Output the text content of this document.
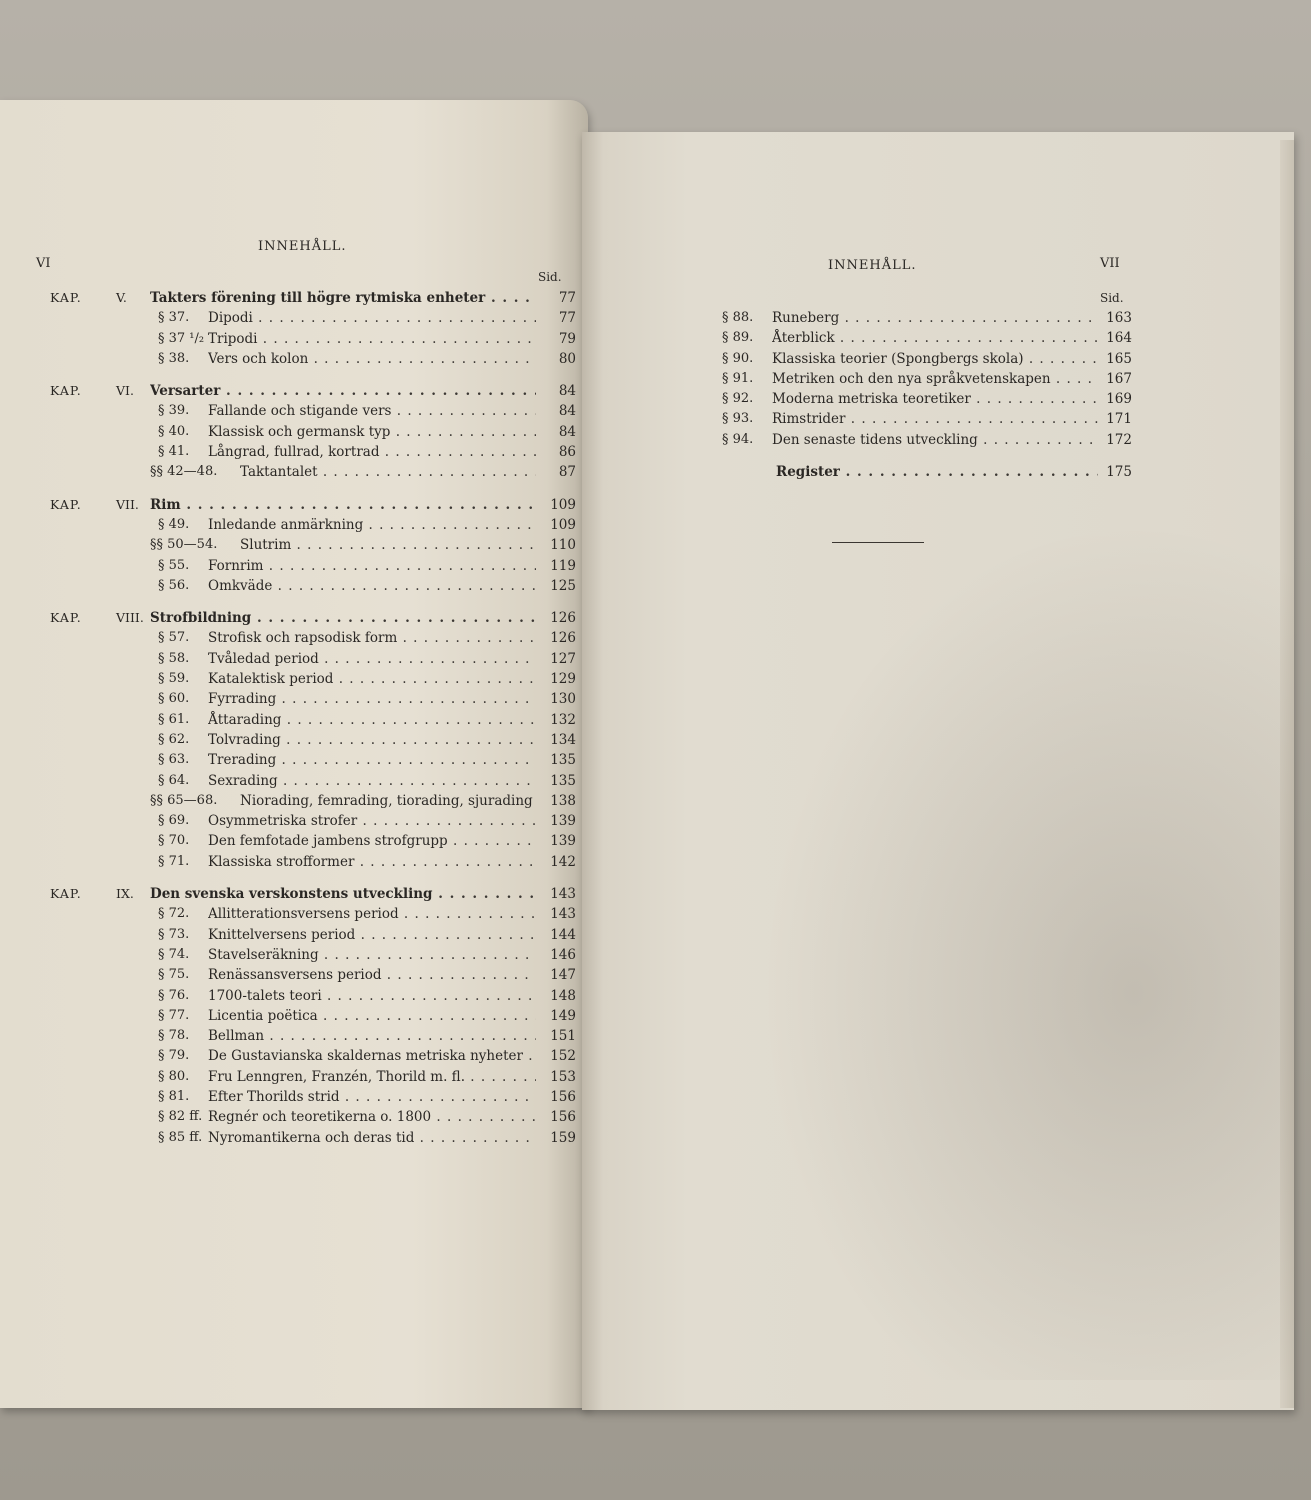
VI
INNEHÅLL.
Sid.
KAP.	V. Takters förening till högre rytmiska enheter . . .	77
§ 37. Dipodi . . .	77
§ 37 ¹/₂ Tripodi . . .	79
§ 38. Vers och kolon . . .	80
KAP.	VI. Versarter . . .	84
§ 39. Fallande och stigande vers . . .	84
§ 40. Klassisk och germansk typ . . .	84
§ 41. Långrad, fullrad, kortrad . . .	86
§§ 42—48. Taktantalet . . .	87
KAP.	VII. Rim . . .	109
§ 49. Inledande anmärkning . . .	109
§§ 50—54. Slutrim . . .	110
§ 55. Fornrim . . .	119
§ 56. Omkväde . . .	125
KAP.	VIII. Strofbildning . . .	126
§ 57. Strofisk och rapsodisk form . . .	126
§ 58. Tvåledad period . . .	127
§ 59. Katalektisk period . . .	129
§ 60. Fyrrading . . .	130
§ 61. Åttarading . . .	132
§ 62. Tolvrading . . .	134
§ 63. Trerading . . .	135
§ 64. Sexrading . . .	135
§§ 65—68. Niorading, femrading, tiorading, sjurading . . .	138
§ 69. Osymmetriska strofer . . .	139
§ 70. Den femfotade jambens strofgrupp . . .	139
§ 71. Klassiska strofformer . . .	142
KAP.	IX. Den svenska verskonstens utveckling . . .	143
§ 72. Allitterationsversens period . . .	143
§ 73. Knittelversens period . . .	144
§ 74. Stavelseräkning . . .	146
§ 75. Renässansversens period . . .	147
§ 76. 1700-talets teori . . .	148
§ 77. Licentia poëtica . . .	149
§ 78. Bellman . . .	151
§ 79. De Gustavianska skaldernas metriska nyheter . . .	152
§ 80. Fru Lenngren, Franzén, Thorild m. fl. . . .	153
§ 81. Efter Thorilds strid . . .	156
§ 82 ff. Regnér och teoretikerna o. 1800 . . .	156
§ 85 ff. Nyromantikerna och deras tid . . .	159
INNEHÅLL.	VII
Sid.
§ 88. Runeberg . . .	163
§ 89. Återblick . . .	164
§ 90. Klassiska teorier (Spongbergs skola) . . .	165
§ 91. Metriken och den nya språkvetenskapen . . .	167
§ 92. Moderna metriska teoretiker . . .	169
§ 93. Rimstrider . . .	171
§ 94. Den senaste tidens utveckling . . .	172
Register . . .	175
